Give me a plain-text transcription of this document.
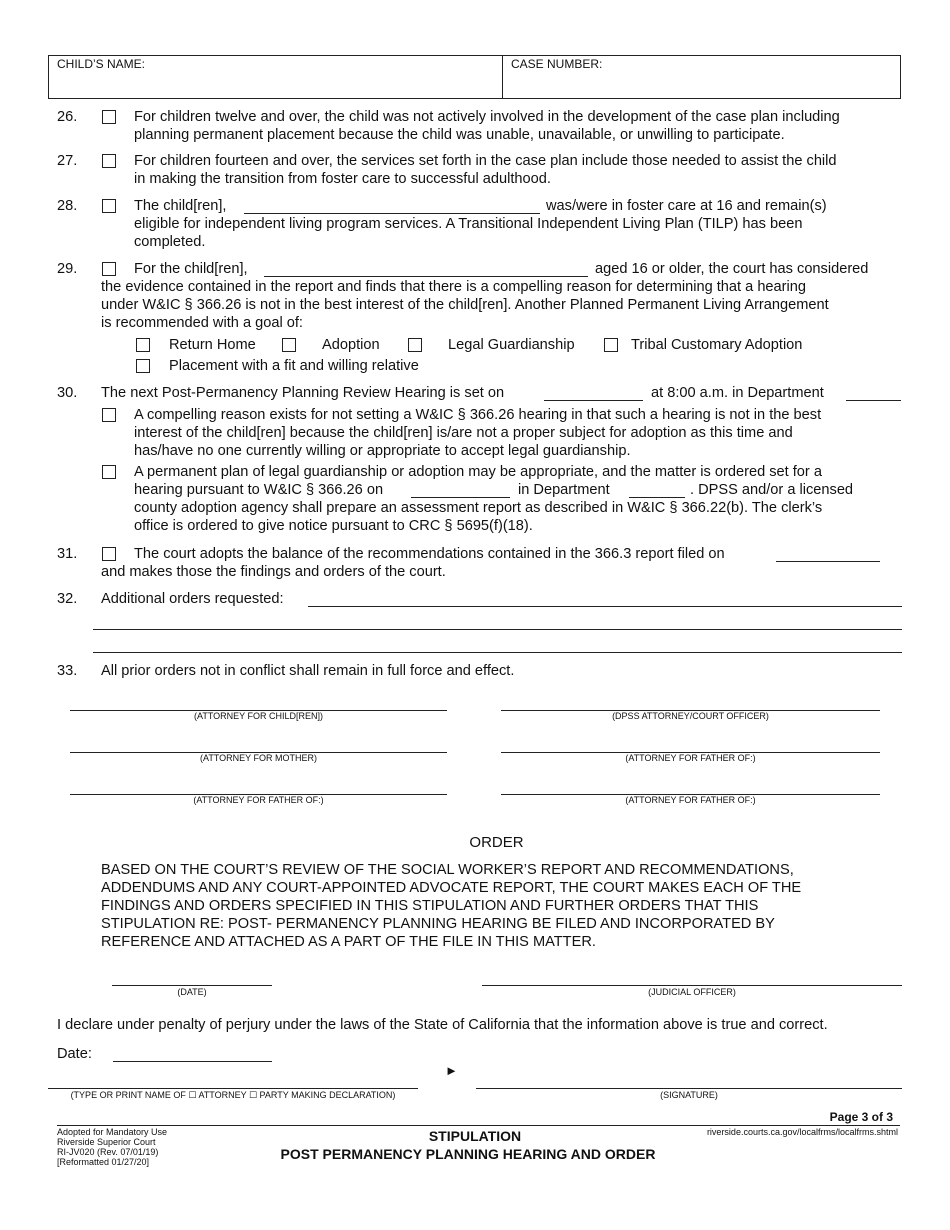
CHILD’S NAME:	CASE NUMBER:
26.	For children twelve and over, the child was not actively involved in the development of the case plan including
planning permanent placement because the child was unable, unavailable, or unwilling to participate.
27.	For children fourteen and over, the services set forth in the case plan include those needed to assist the child
in making the transition from foster care to successful adulthood.
28.	The child[ren],	was/were in foster care at 16 and remain(s)
eligible for independent living program services. A Transitional Independent Living Plan (TILP) has been
completed.
29.	For the child[ren],	aged 16 or older, the court has considered
the evidence contained in the report and finds that there is a compelling reason for determining that a hearing
under W&IC § 366.26 is not in the best interest of the child[ren]. Another Planned Permanent Living Arrangement
is recommended with a goal of:
Return Home	Adoption	Legal Guardianship	Tribal Customary Adoption
Placement with a fit and willing relative
30. The next Post-Permanency Planning Review Hearing is set on	at 8:00 a.m. in Department
A compelling reason exists for not setting a W&IC § 366.26 hearing in that such a hearing is not in the best
interest of the child[ren] because the child[ren] is/are not a proper subject for adoption as this time and
has/have no one currently willing or appropriate to accept legal guardianship.
A permanent plan of legal guardianship or adoption may be appropriate, and the matter is ordered set for a
hearing pursuant to W&IC § 366.26 on	in Department	. DPSS and/or a licensed
county adoption agency shall prepare an assessment report as described in W&IC § 366.22(b). The clerk’s
office is ordered to give notice pursuant to CRC § 5695(f)(18).
31.	The court adopts the balance of the recommendations contained in the 366.3 report filed on
and makes those the findings and orders of the court.
32. Additional orders requested:
33. All prior orders not in conflict shall remain in full force and effect.
(ATTORNEY FOR CHILD[REN])	(DPSS ATTORNEY/COURT OFFICER)
(ATTORNEY FOR MOTHER)	(ATTORNEY FOR FATHER OF:)
(ATTORNEY FOR FATHER OF:)	(ATTORNEY FOR FATHER OF:)
ORDER
BASED ON THE COURT’S REVIEW OF THE SOCIAL WORKER’S REPORT AND RECOMMENDATIONS,
ADDENDUMS AND ANY COURT-APPOINTED ADVOCATE REPORT, THE COURT MAKES EACH OF THE
FINDINGS AND ORDERS SPECIFIED IN THIS STIPULATION AND FURTHER ORDERS THAT THIS
STIPULATION RE: POST- PERMANENCY PLANNING HEARING BE FILED AND INCORPORATED BY
REFERENCE AND ATTACHED AS A PART OF THE FILE IN THIS MATTER.
(DATE)	(JUDICIAL OFFICER)
I declare under penalty of perjury under the laws of the State of California that the information above is true and correct.
Date:
►
(TYPE OR PRINT NAME OF ☐ ATTORNEY ☐ PARTY MAKING DECLARATION)	(SIGNATURE)
Page 3 of 3
Adopted for Mandatory Use
Riverside Superior Court
RI-JV020 (Rev. 07/01/19)
[Reformatted 01/27/20]
STIPULATION
POST PERMANENCY PLANNING HEARING AND ORDER
riverside.courts.ca.gov/localfrms/localfrms.shtml
